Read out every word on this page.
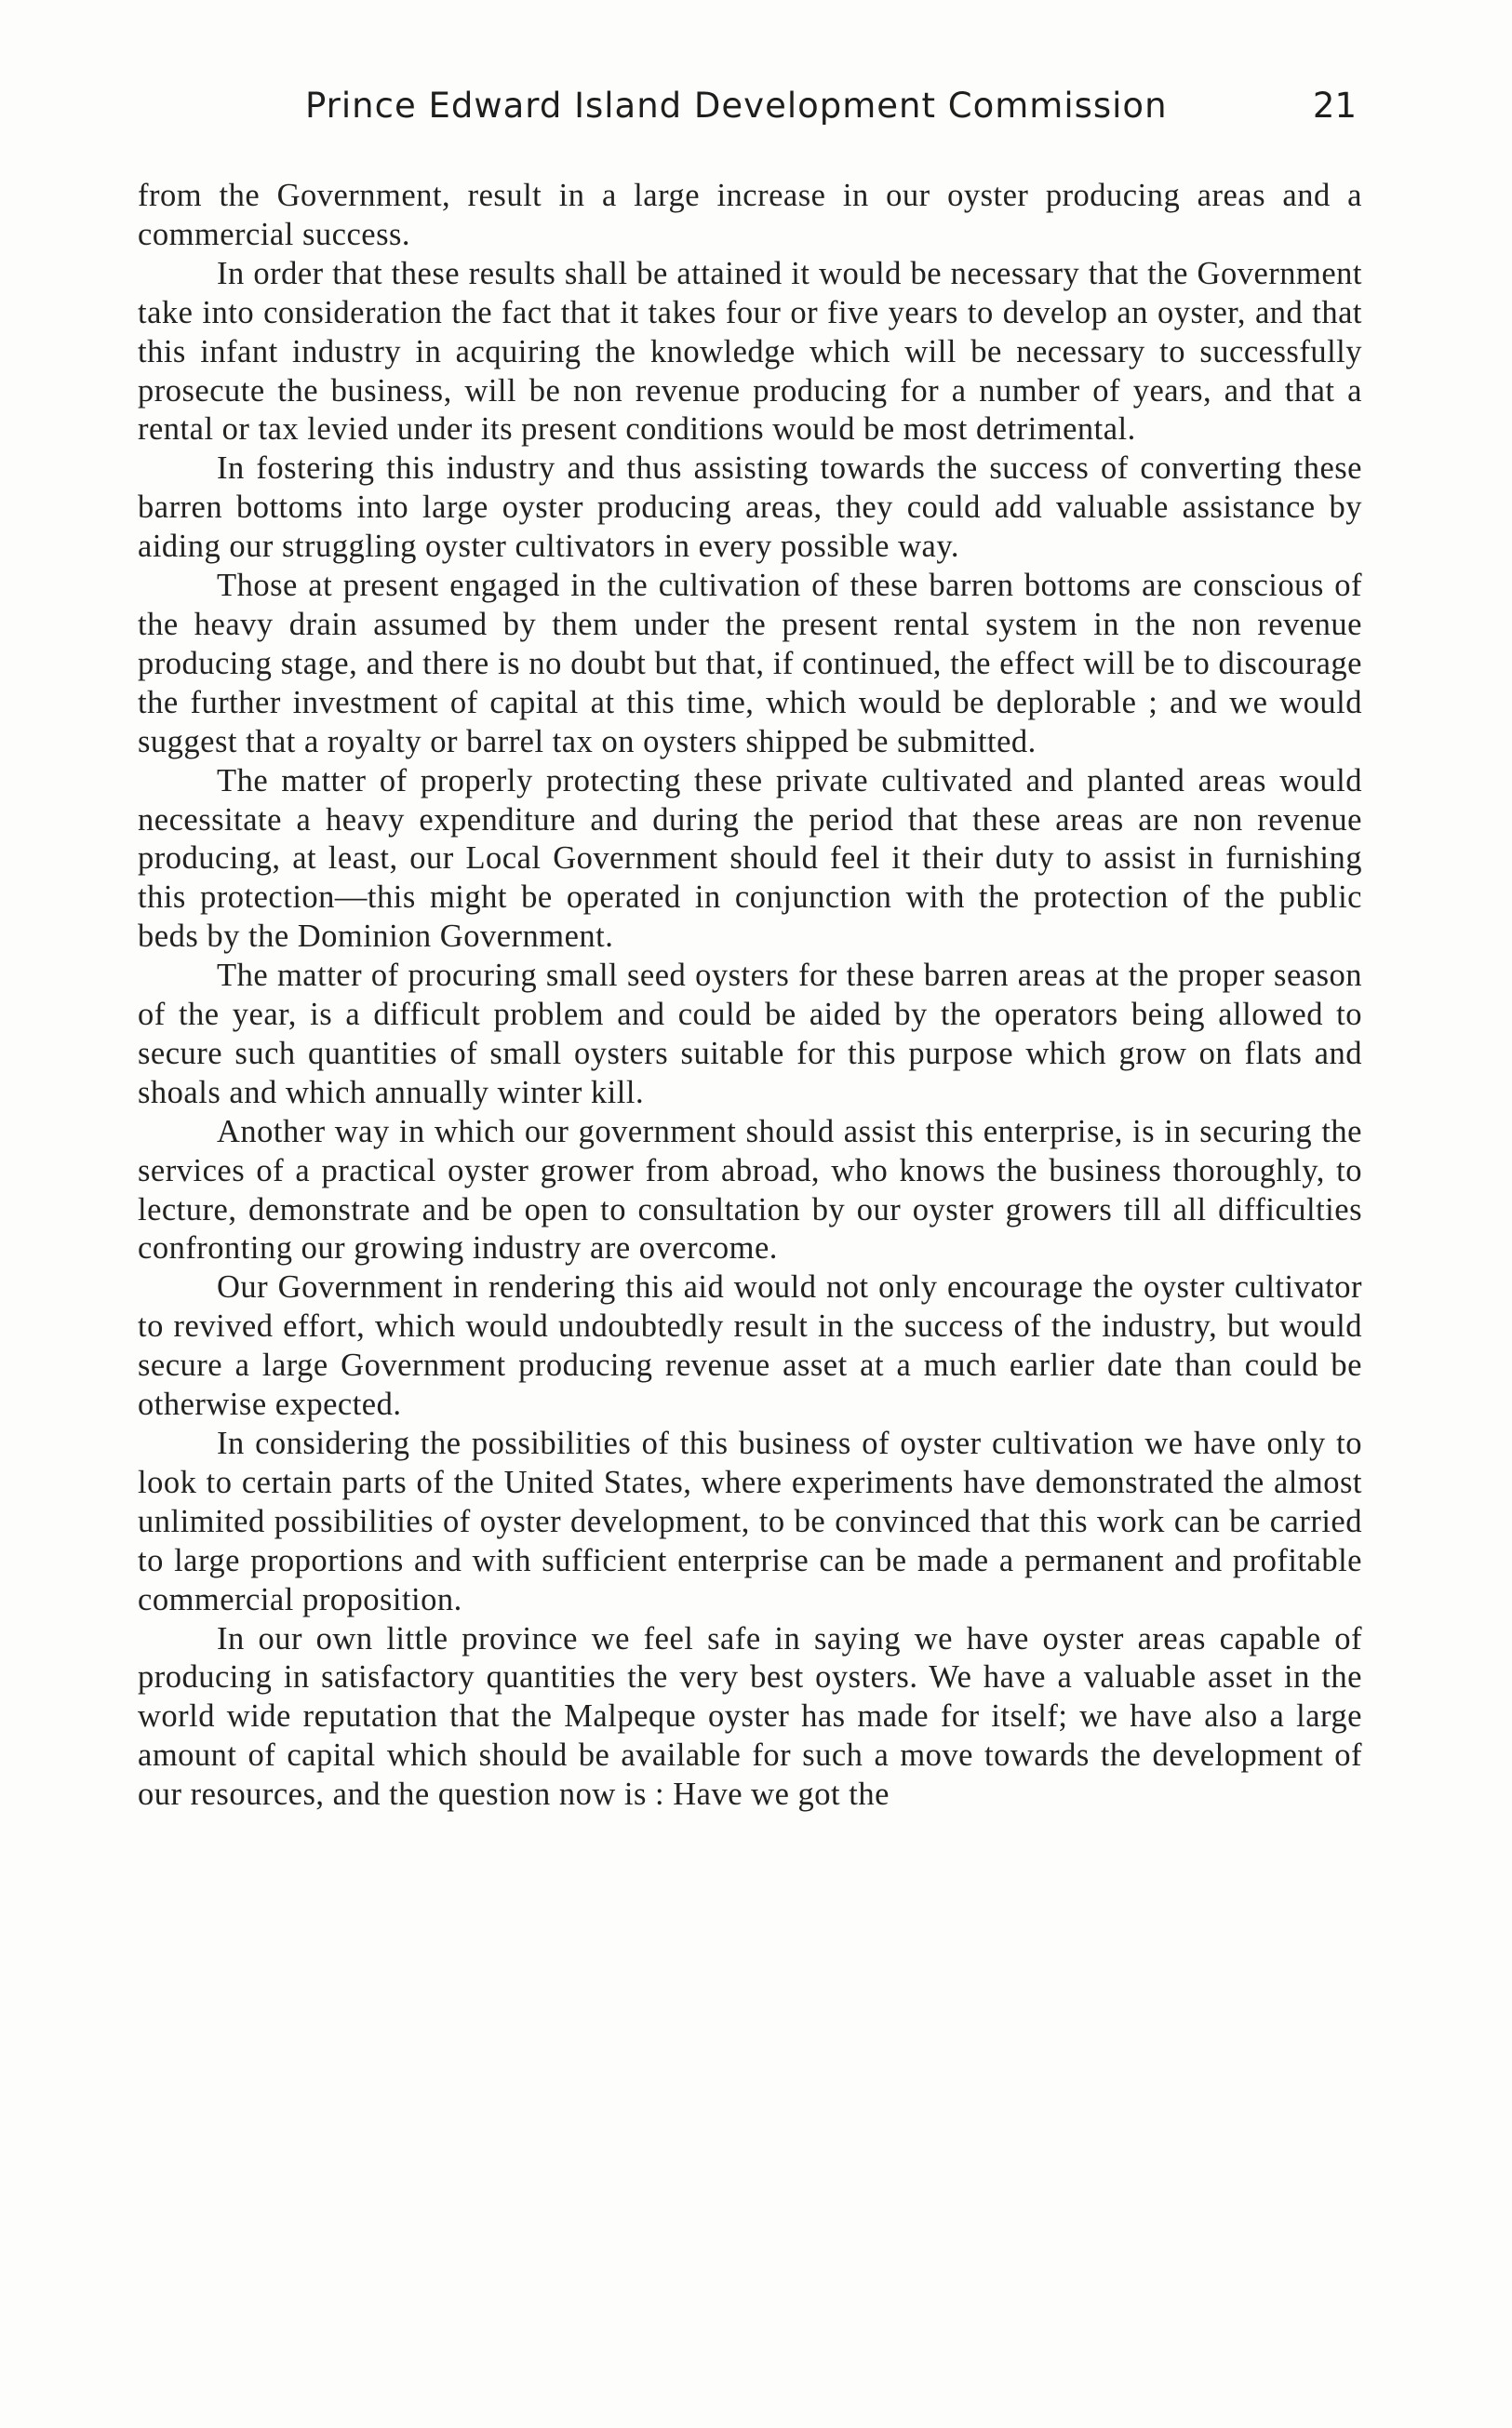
Prince Edward Island Development Commission	21

from the Government, result in a large increase in our oyster producing areas and a commercial success.

In order that these results shall be attained it would be necessary that the Government take into consideration the fact that it takes four or five years to develop an oyster, and that this infant industry in acquiring the knowledge which will be necessary to successfully prosecute the business, will be non revenue producing for a number of years, and that a rental or tax levied under its present conditions would be most detrimental.

In fostering this industry and thus assisting towards the success of converting these barren bottoms into large oyster producing areas, they could add valuable assistance by aiding our struggling oyster cultivators in every possible way.

Those at present engaged in the cultivation of these barren bottoms are conscious of the heavy drain assumed by them under the present rental system in the non revenue producing stage, and there is no doubt but that, if continued, the effect will be to discourage the further investment of capital at this time, which would be deplorable ; and we would suggest that a royalty or barrel tax on oysters shipped be submitted.

The matter of properly protecting these private cultivated and planted areas would necessitate a heavy expenditure and during the period that these areas are non revenue producing, at least, our Local Government should feel it their duty to assist in furnishing this protection—this might be operated in conjunction with the protection of the public beds by the Dominion Government.

The matter of procuring small seed oysters for these barren areas at the proper season of the year, is a difficult problem and could be aided by the operators being allowed to secure such quantities of small oysters suitable for this purpose which grow on flats and shoals and which annually winter kill.

Another way in which our government should assist this enterprise, is in securing the services of a practical oyster grower from abroad, who knows the business thoroughly, to lecture, demonstrate and be open to consultation by our oyster growers till all difficulties confronting our growing industry are overcome.

Our Government in rendering this aid would not only encourage the oyster cultivator to revived effort, which would undoubtedly result in the success of the industry, but would secure a large Government producing revenue asset at a much earlier date than could be otherwise expected.

In considering the possibilities of this business of oyster cultivation we have only to look to certain parts of the United States, where experiments have demonstrated the almost unlimited possibilities of oyster development, to be convinced that this work can be carried to large proportions and with sufficient enterprise can be made a permanent and profitable commercial proposition.

In our own little province we feel safe in saying we have oyster areas capable of producing in satisfactory quantities the very best oysters. We have a valuable asset in the world wide reputation that the Malpeque oyster has made for itself; we have also a large amount of capital which should be available for such a move towards the development of our resources, and the question now is : Have we got the
